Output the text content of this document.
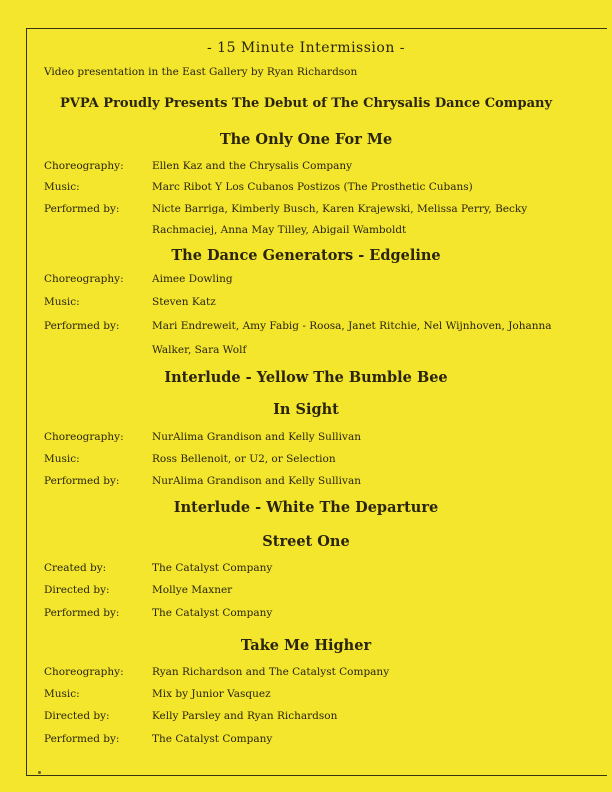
- 15 Minute Intermission -
Video presentation in the East Gallery by Ryan Richardson
PVPA Proudly Presents The Debut of The Chrysalis Dance Company
The Only One For Me
Choreography:	Ellen Kaz and the Chrysalis Company
Music:	Marc Ribot Y Los Cubanos Postizos (The Prosthetic Cubans)
Performed by:	Nicte Barriga, Kimberly Busch, Karen Krajewski, Melissa Perry, Becky
Rachmaciej, Anna May Tilley, Abigail Wamboldt
The Dance Generators - Edgeline
Choreography:	Aimee Dowling
Music:	Steven Katz
Performed by:	Mari Endreweit, Amy Fabig - Roosa, Janet Ritchie, Nel Wijnhoven, Johanna
Walker, Sara Wolf
Interlude - Yellow The Bumble Bee
In Sight
Choreography:	NurAlima Grandison and Kelly Sullivan
Music:	Ross Bellenoit, or U2, or Selection
Performed by:	NurAlima Grandison and Kelly Sullivan
Interlude - White The Departure
Street One
Created by:	The Catalyst Company
Directed by:	Mollye Maxner
Performed by:	The Catalyst Company
Take Me Higher
Choreography:	Ryan Richardson and The Catalyst Company
Music:	Mix by Junior Vasquez
Directed by:	Kelly Parsley and Ryan Richardson
Performed by:	The Catalyst Company
